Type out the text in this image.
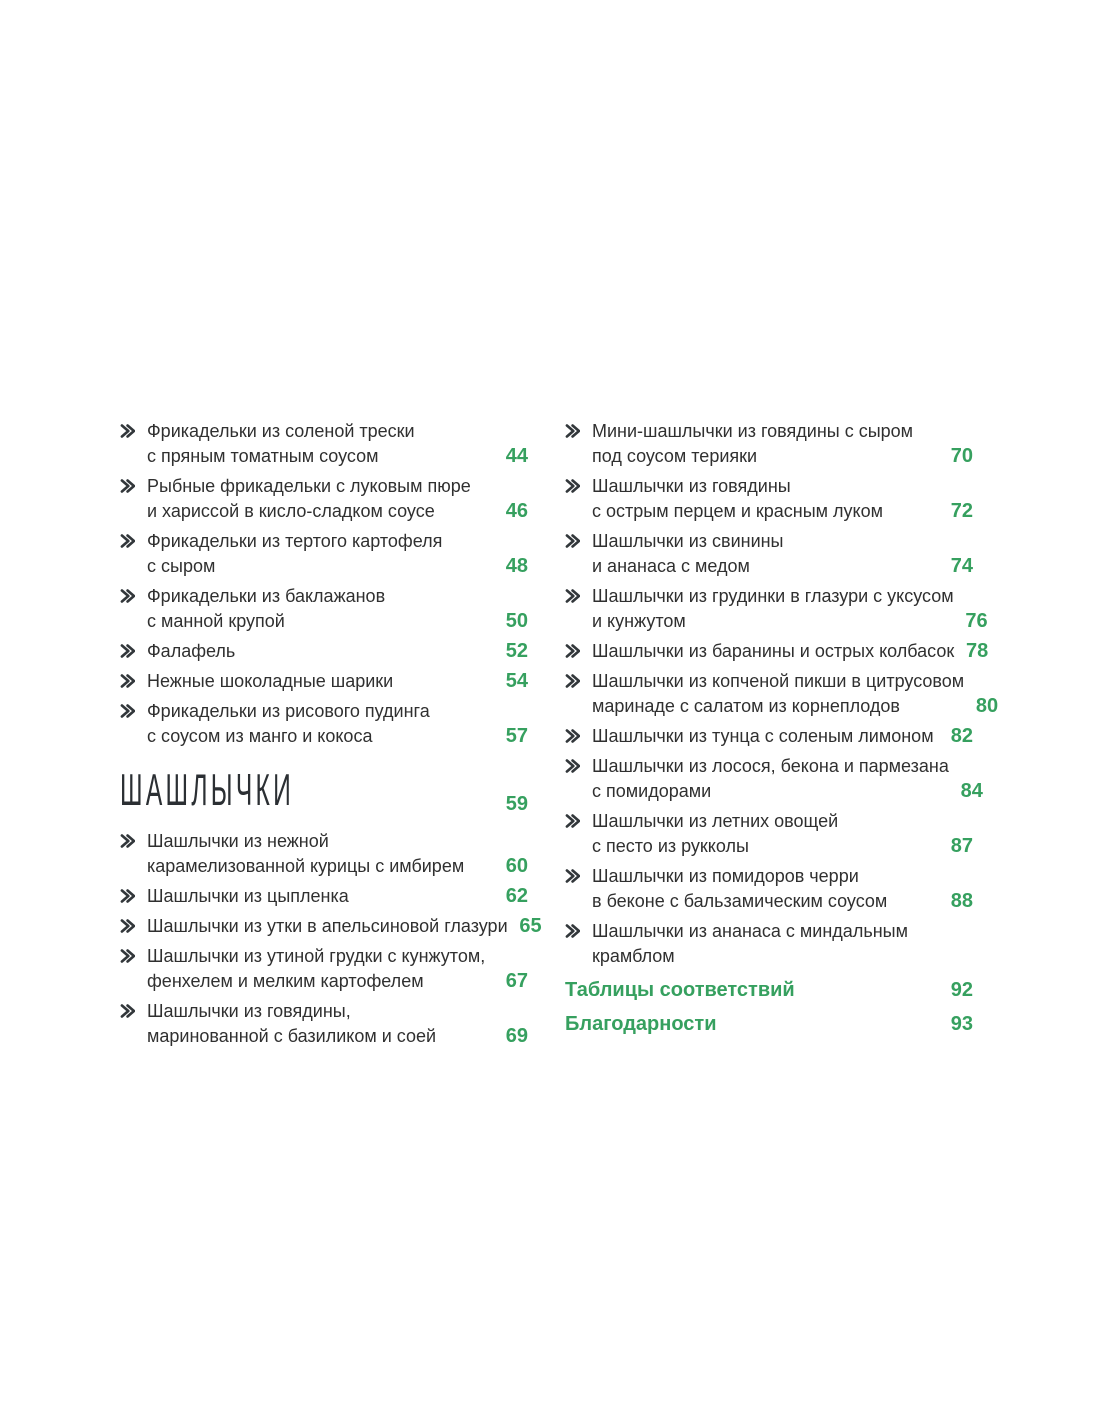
Фрикадельки из соленой трески
с пряным томатным соусом	44
Рыбные фрикадельки с луковым пюре
и хариссой в кисло-сладком соусе	46
Фрикадельки из тертого картофеля
с сыром	48
Фрикадельки из баклажанов
с манной крупой	50
Фалафель	52
Нежные шоколадные шарики	54
Фрикадельки из рисового пудинга
с соусом из манго и кокоса	57
ШАШЛЫЧКИ	59
Шашлычки из нежной
карамелизованной курицы с имбирем	60
Шашлычки из цыпленка	62
Шашлычки из утки в апельсиновой глазури 65
Шашлычки из утиной грудки с кунжутом,
фенхелем и мелким картофелем	67
Шашлычки из говядины,
маринованной с базиликом и соей	69
Мини-шашлычки из говядины с сыром
под соусом терияки	70
Шашлычки из говядины
с острым перцем и красным луком	72
Шашлычки из свинины
и ананаса с медом	74
Шашлычки из грудинки в глазури с уксусом
и кунжутом	76
Шашлычки из баранины и острых колбасок 78
Шашлычки из копченой пикши в цитрусовом
маринаде с салатом из корнеплодов	80
Шашлычки из тунца с соленым лимоном 82
Шашлычки из лосося, бекона и пармезана
с помидорами	84
Шашлычки из летних овощей
с песто из рукколы	87
Шашлычки из помидоров черри
в беконе с бальзамическим соусом	88
Шашлычки из ананаса с миндальным
крамблом
Таблицы соответствий	92
Благодарности	93
